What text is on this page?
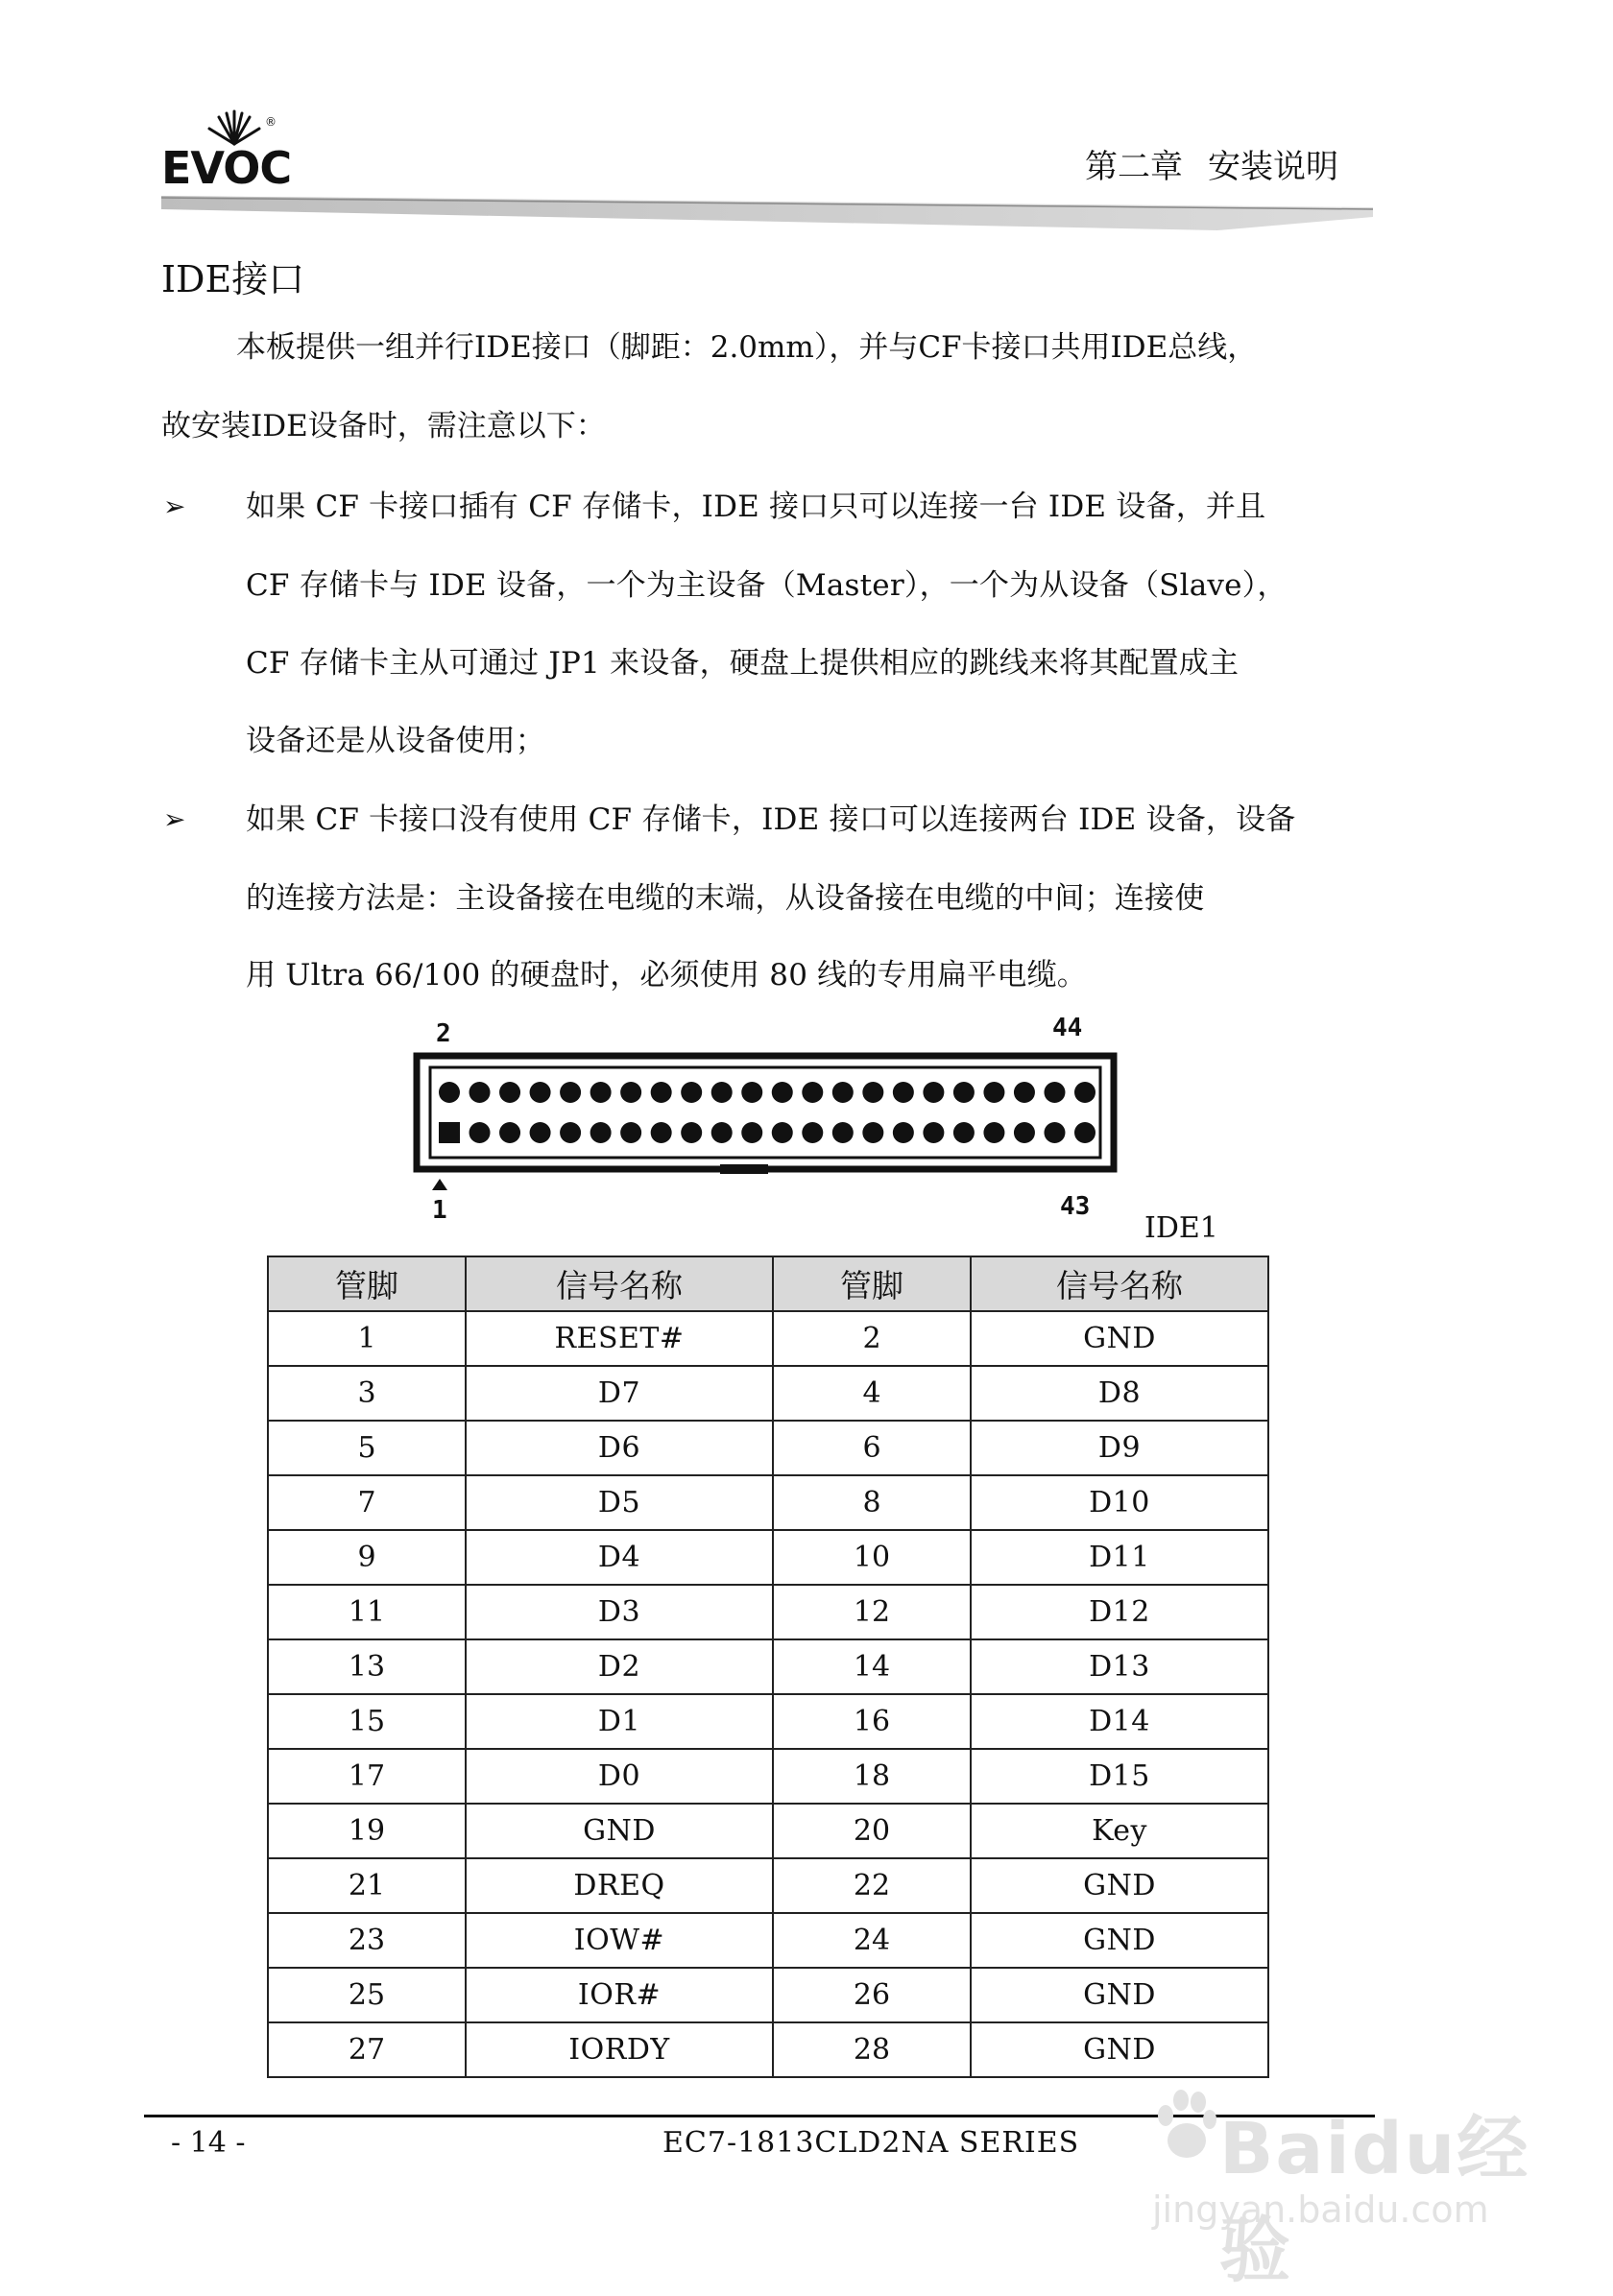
®
EVOC	第二章 安装说明
IDE接口
本板提供一组并行IDE接口（脚距：2.0mm），并与CF卡接口共用IDE总线，
故安装IDE设备时，需注意以下：
➢ 如果 CF 卡接口插有 CF 存储卡，IDE 接口只可以连接一台 IDE 设备，并且
CF 存储卡与 IDE 设备，一个为主设备（Master），一个为从设备（Slave），
CF 存储卡主从可通过 JP1 来设备，硬盘上提供相应的跳线来将其配置成主
设备还是从设备使用；
➢ 如果 CF 卡接口没有使用 CF 存储卡，IDE 接口可以连接两台 IDE 设备，设备
的连接方法是：主设备接在电缆的末端，从设备接在电缆的中间；连接使
用 Ultra 66/100 的硬盘时，必须使用 80 线的专用扁平电缆。
2	44
1	43
IDE1
管脚	信号名称	管脚	信号名称
1	RESET#	2	GND
3	D7	4	D8
5	D6	6	D9
7	D5	8	D10
9	D4	10	D11
11	D3	12	D12
13	D2	14	D13
15	D1	16	D14
17	D0	18	D15
19	GND	20	Key
21	DREQ	22	GND
23	IOW#	24	GND
25	IOR#	26	GND
27	IORDY	28	GND
- 14 -	EC7-1813CLD2NA SERIES Baidu经验
jingyan.baidu.com
